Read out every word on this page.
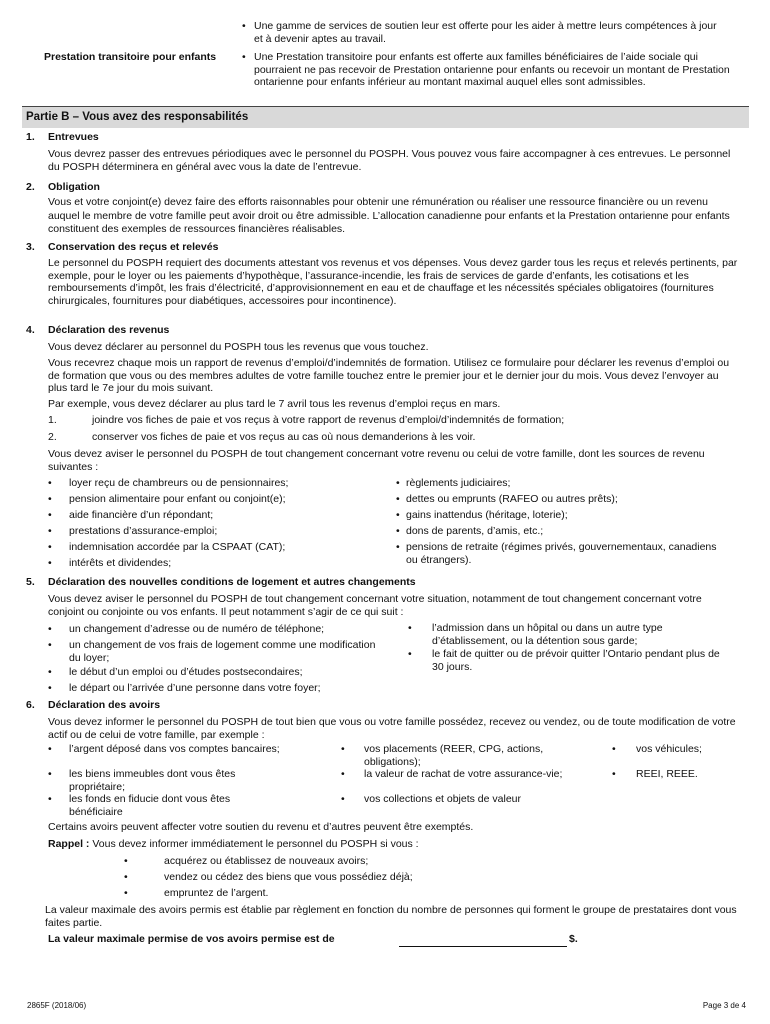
• Une gamme de services de soutien leur est offerte pour les aider à mettre leurs compétences à jour et à devenir aptes au travail.
Prestation transitoire pour enfants • Une Prestation transitoire pour enfants est offerte aux familles bénéficiaires de l’aide sociale qui pourraient ne pas recevoir de Prestation ontarienne pour enfants ou recevoir un montant de Prestation ontarienne pour enfants inférieur au montant maximal auquel elles sont admissibles.
Partie B – Vous avez des responsabilités
1. Entrevues
Vous devrez passer des entrevues périodiques avec le personnel du POSPH. Vous pouvez vous faire accompagner à ces entrevues. Le personnel du POSPH déterminera en général avec vous la date de l’entrevue.
2. Obligation
Vous et votre conjoint(e) devez faire des efforts raisonnables pour obtenir une rémunération ou réaliser une ressource financière ou un revenu auquel le membre de votre famille peut avoir droit ou être admissible. L’allocation canadienne pour enfants et la Prestation ontarienne pour enfants constituent des exemples de ressources financières réalisables.
3. Conservation des reçus et relevés
Le personnel du POSPH requiert des documents attestant vos revenus et vos dépenses. Vous devez garder tous les reçus et relevés pertinents, par exemple, pour le loyer ou les paiements d’hypothèque, l’assurance-incendie, les frais de services de garde d’enfants, les cotisations et les remboursements d’impôt, les frais d’électricité, d’approvisionnement en eau et de chauffage et les nécessités spéciales obligatoires (fournitures chirurgicales, fournitures pour diabétiques, accessoires pour incontinence).
4. Déclaration des revenus
Vous devez déclarer au personnel du POSPH tous les revenus que vous touchez.
Vous recevrez chaque mois un rapport de revenus d’emploi/d’indemnités de formation. Utilisez ce formulaire pour déclarer les revenus d’emploi ou de formation que vous ou des membres adultes de votre famille touchez entre le premier jour et le dernier jour du mois. Vous devez l’envoyer au plus tard le 7e jour du mois suivant.
Par exemple, vous devez déclarer au plus tard le 7 avril tous les revenus d’emploi reçus en mars.
1.	joindre vos fiches de paie et vos reçus à votre rapport de revenus d’emploi/d’indemnités de formation;
2.	conserver vos fiches de paie et vos reçus au cas où nous demanderions à les voir.
Vous devez aviser le personnel du POSPH de tout changement concernant votre revenu ou celui de votre famille, dont les sources de revenu suivantes :
• loyer reçu de chambreurs ou de pensionnaires;
• pension alimentaire pour enfant ou conjoint(e);
• aide financière d’un répondant;
• prestations d’assurance-emploi;
• indemnisation accordée par la CSPAAT (CAT);
• intérêts et dividendes;
• règlements judiciaires;
• dettes ou emprunts (RAFEO ou autres prêts);
• gains inattendus (héritage, loterie);
• dons de parents, d’amis, etc.;
• pensions de retraite (régimes privés, gouvernementaux, canadiens ou étrangers).
5. Déclaration des nouvelles conditions de logement et autres changements
Vous devez aviser le personnel du POSPH de tout changement concernant votre situation, notamment de tout changement concernant votre conjoint ou conjointe ou vos enfants. Il peut notamment s’agir de ce qui suit :
• un changement d’adresse ou de numéro de téléphone;
• un changement de vos frais de logement comme une modification du loyer;
• le début d’un emploi ou d’études postsecondaires;
• le départ ou l’arrivée d’une personne dans votre foyer;
• l’admission dans un hôpital ou dans un autre type d’établissement, ou la détention sous garde;
• le fait de quitter ou de prévoir quitter l’Ontario pendant plus de 30 jours.
6. Déclaration des avoirs
Vous devez informer le personnel du POSPH de tout bien que vous ou votre famille possédez, recevez ou vendez, ou de toute modification de votre actif ou de celui de votre famille, par exemple :
• l’argent déposé dans vos comptes bancaires;
• les biens immeubles dont vous êtes propriétaire;
• les fonds en fiducie dont vous êtes bénéficiaire
• vos placements (REER, CPG, actions, obligations);
• la valeur de rachat de votre assurance-vie;
• vos collections et objets de valeur
• vos véhicules;
• REEI, REEE.
Certains avoirs peuvent affecter votre soutien du revenu et d’autres peuvent être exemptés.
Rappel : Vous devez informer immédiatement le personnel du POSPH si vous :
•	acquérez ou établissez de nouveaux avoirs;
•	vendez ou cédez des biens que vous possédiez déjà;
•	empruntez de l’argent.
La valeur maximale des avoirs permis est établie par règlement en fonction du nombre de personnes qui forment le groupe de prestataires dont vous faites partie.
La valeur maximale permise de vos avoirs permise est de	$.
2865F (2018/06)	Page 3 de 4
